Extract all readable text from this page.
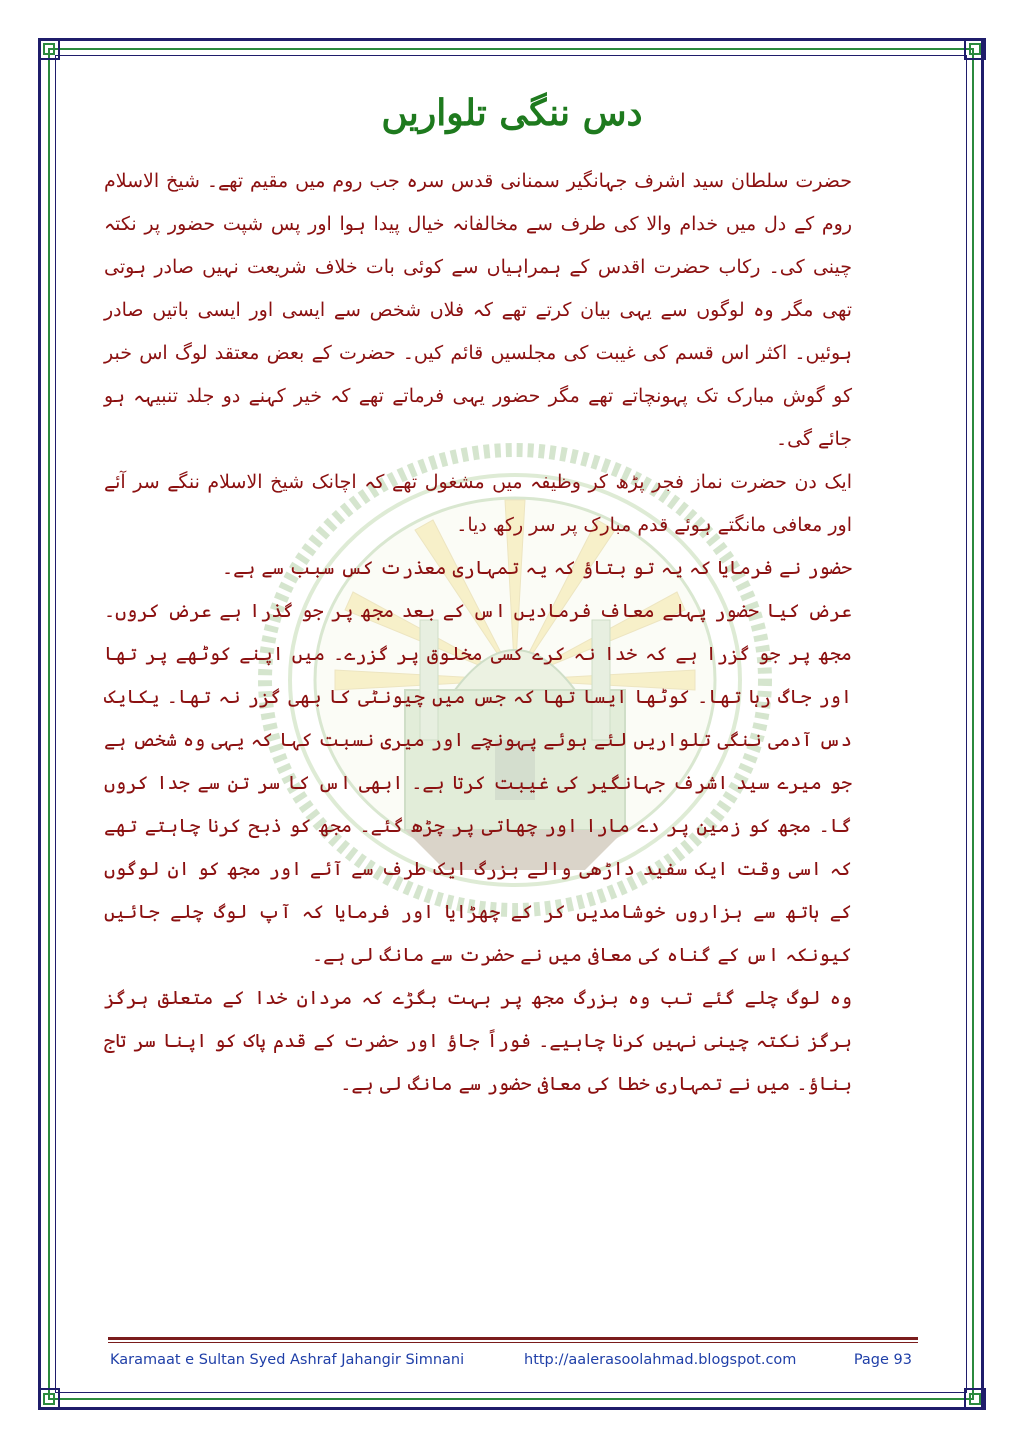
دس ننگی تلواریں

حضرت سلطان سید اشرف جہانگیر سمنانی قدس سرہ جب روم میں مقیم تھے۔ شیخ الاسلام روم کے دل میں خدام والا کی طرف سے مخالفانہ خیال پیدا ہوا اور پس شپت حضور پر نکتہ چینی کی۔ رکاب حضرت اقدس کے ہمراہیاں سے کوئی بات خلاف شریعت نہیں صادر ہوتی تھی مگر وہ لوگوں سے یہی بیان کرتے تھے کہ فلاں شخص سے ایسی اور ایسی باتیں صادر ہوئیں۔ اکثر اس قسم کی غیبت کی مجلسیں قائم کیں۔ حضرت کے بعض معتقد لوگ اس خبر کو گوش مبارک تک پہونچاتے تھے مگر حضور یہی فرماتے تھے کہ خیر کہنے دو جلد تنبیہہ ہو جائے گی۔

ایک دن حضرت نماز فجر پڑھ کر وظیفہ میں مشغول تھے کہ اچانک شیخ الاسلام ننگے سر آئے اور معافی مانگتے ہوئے قدم مبارک پر سر رکھ دیا۔

حضور نے فرمایا کہ یہ تو بتاؤ کہ یہ تمہاری معذرت کس سبب سے ہے۔

عرض کیا حضور پہلے معاف فرمادیں اس کے بعد مجھ پر جو گذرا ہے عرض کروں۔ مجھ پر جو گزرا ہے کہ خدا نہ کرے کسی مخلوق پر گزرے۔ میں اپنے کوٹھے پر تھا اور جاگ رہا تھا۔ کوٹھا ایسا تھا کہ جس میں چیونٹی کا بھی گزر نہ تھا۔ یکایک دس آدمی ننگی تلواریں لئے ہوئے پہونچے اور میری نسبت کہا کہ یہی وہ شخص ہے جو میرے سید اشرف جہانگیر کی غیبت کرتا ہے۔ ابھی اس کا سر تن سے جدا کروں گا۔ مجھ کو زمین پر دے مارا اور چھاتی پر چڑھ گئے۔ مجھ کو ذبح کرنا چاہتے تھے کہ اسی وقت ایک سفید داڑھی والے بزرگ ایک طرف سے آئے اور مجھ کو ان لوگوں کے ہاتھ سے ہزاروں خوشامدیں کر کے چھڑایا اور فرمایا کہ آپ لوگ چلے جائیں کیونکہ اس کے گناہ کی معافی میں نے حضرت سے مانگ لی ہے۔

وہ لوگ چلے گئے تب وہ بزرگ مجھ پر بہت بگڑے کہ مردان خدا کے متعلق ہرگز ہرگز نکتہ چینی نہیں کرنا چاہیے۔ فوراً جاؤ اور حضرت کے قدم پاک کو اپنا سر تاج بناؤ۔ میں نے تمہاری خطا کی معافی حضور سے مانگ لی ہے۔

Karamaat e Sultan Syed Ashraf Jahangir Simnani	http://aalerasoolahmad.blogspot.com	Page 93
